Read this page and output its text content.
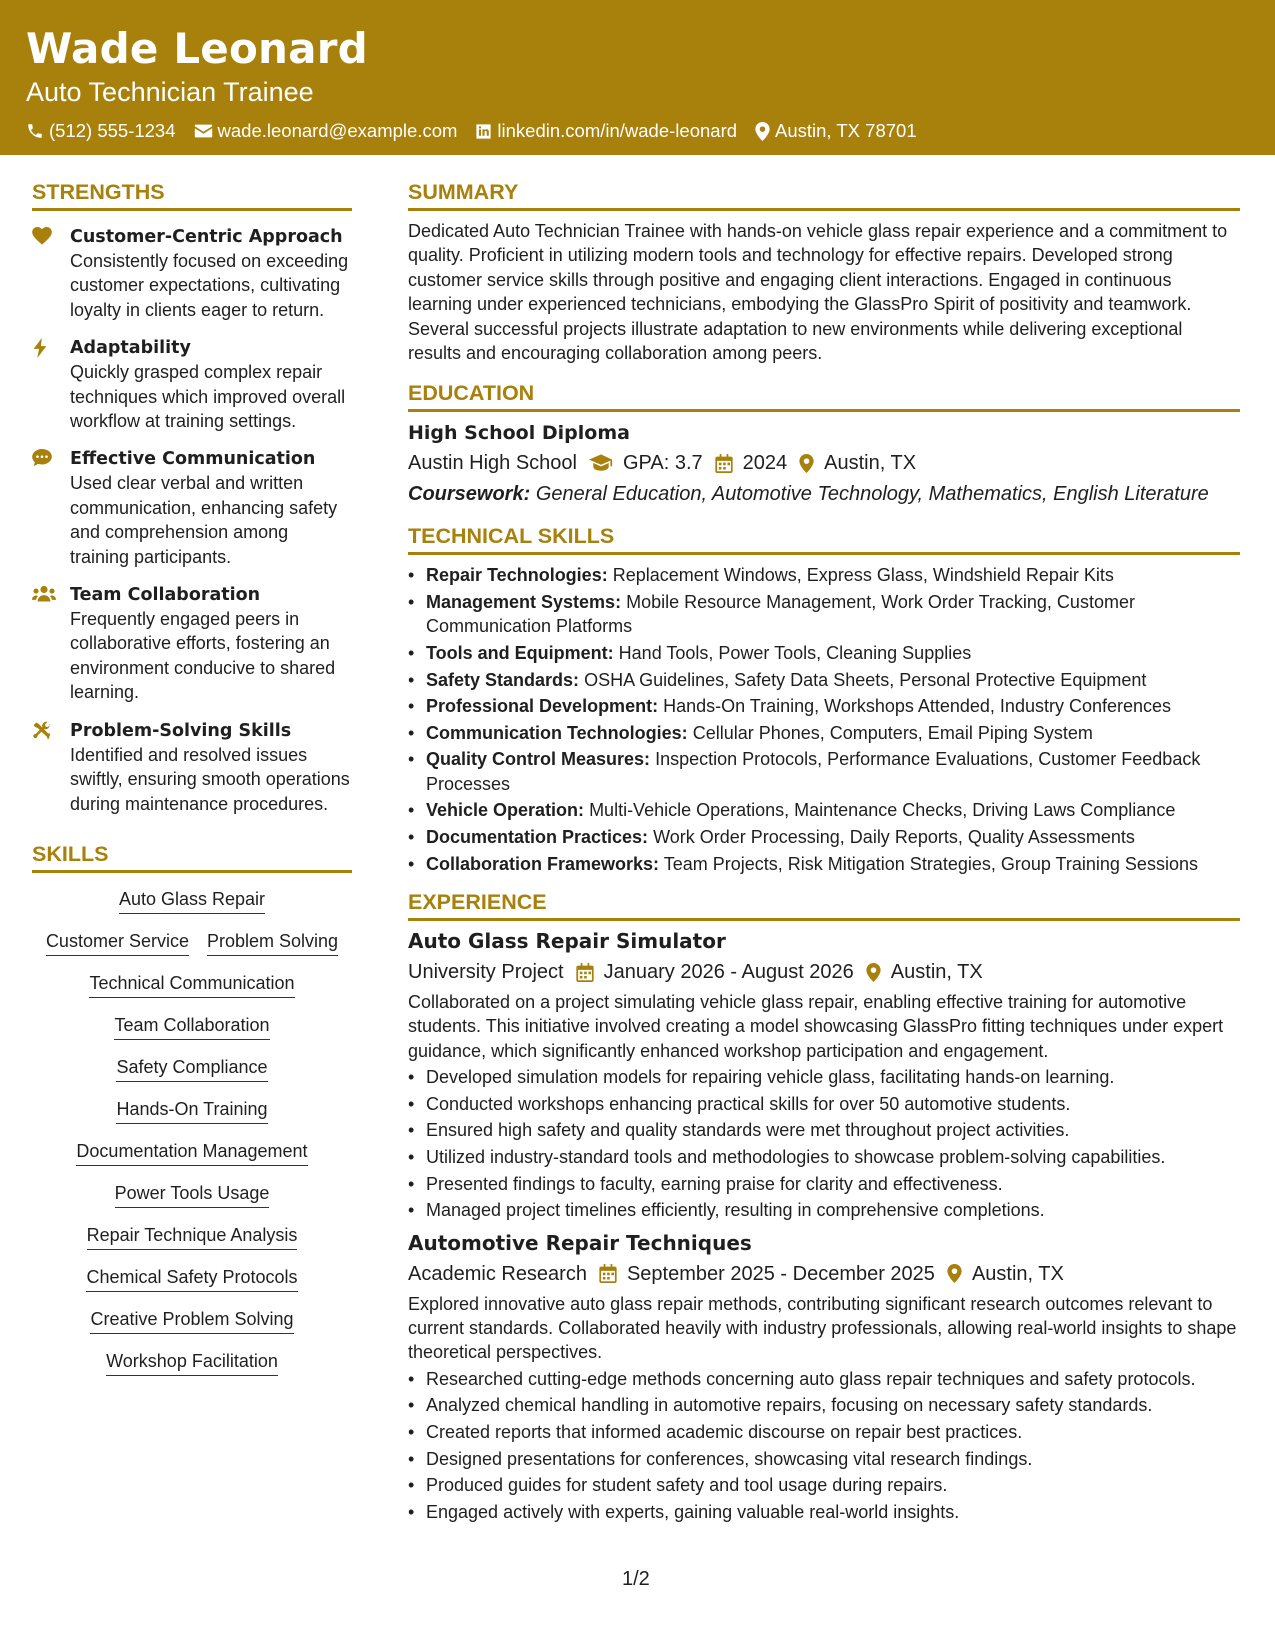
Wade Leonard
Auto Technician Trainee
(512) 555-1234 wade.leonard@example.com linkedin.com/in/wade-leonard Austin, TX 78701
STRENGTHS
Customer-Centric Approach
Consistently focused on exceeding customer expectations, cultivating loyalty in clients eager to return.
Adaptability
Quickly grasped complex repair techniques which improved overall workflow at training settings.
Effective Communication
Used clear verbal and written communication, enhancing safety and comprehension among training participants.
Team Collaboration
Frequently engaged peers in collaborative efforts, fostering an environment conducive to shared learning.
Problem-Solving Skills
Identified and resolved issues swiftly, ensuring smooth operations during maintenance procedures.
SKILLS
Auto Glass Repair
Customer Service Problem Solving
Technical Communication
Team Collaboration
Safety Compliance
Hands-On Training
Documentation Management
Power Tools Usage
Repair Technique Analysis
Chemical Safety Protocols
Creative Problem Solving
Workshop Facilitation
SUMMARY
Dedicated Auto Technician Trainee with hands-on vehicle glass repair experience and a commitment to quality. Proficient in utilizing modern tools and technology for effective repairs. Developed strong customer service skills through positive and engaging client interactions. Engaged in continuous learning under experienced technicians, embodying the GlassPro Spirit of positivity and teamwork. Several successful projects illustrate adaptation to new environments while delivering exceptional results and encouraging collaboration among peers.
EDUCATION
High School Diploma
Austin High School GPA: 3.7 2024 Austin, TX
Coursework: General Education, Automotive Technology, Mathematics, English Literature
TECHNICAL SKILLS
• Repair Technologies: Replacement Windows, Express Glass, Windshield Repair Kits
• Management Systems: Mobile Resource Management, Work Order Tracking, Customer Communication Platforms
• Tools and Equipment: Hand Tools, Power Tools, Cleaning Supplies
• Safety Standards: OSHA Guidelines, Safety Data Sheets, Personal Protective Equipment
• Professional Development: Hands-On Training, Workshops Attended, Industry Conferences
• Communication Technologies: Cellular Phones, Computers, Email Piping System
• Quality Control Measures: Inspection Protocols, Performance Evaluations, Customer Feedback Processes
• Vehicle Operation: Multi-Vehicle Operations, Maintenance Checks, Driving Laws Compliance
• Documentation Practices: Work Order Processing, Daily Reports, Quality Assessments
• Collaboration Frameworks: Team Projects, Risk Mitigation Strategies, Group Training Sessions
EXPERIENCE
Auto Glass Repair Simulator
University Project January 2026 - August 2026 Austin, TX
Collaborated on a project simulating vehicle glass repair, enabling effective training for automotive students. This initiative involved creating a model showcasing GlassPro fitting techniques under expert guidance, which significantly enhanced workshop participation and engagement.
• Developed simulation models for repairing vehicle glass, facilitating hands-on learning.
• Conducted workshops enhancing practical skills for over 50 automotive students.
• Ensured high safety and quality standards were met throughout project activities.
• Utilized industry-standard tools and methodologies to showcase problem-solving capabilities.
• Presented findings to faculty, earning praise for clarity and effectiveness.
• Managed project timelines efficiently, resulting in comprehensive completions.
Automotive Repair Techniques
Academic Research September 2025 - December 2025 Austin, TX
Explored innovative auto glass repair methods, contributing significant research outcomes relevant to current standards. Collaborated heavily with industry professionals, allowing real-world insights to shape theoretical perspectives.
• Researched cutting-edge methods concerning auto glass repair techniques and safety protocols.
• Analyzed chemical handling in automotive repairs, focusing on necessary safety standards.
• Created reports that informed academic discourse on repair best practices.
• Designed presentations for conferences, showcasing vital research findings.
• Produced guides for student safety and tool usage during repairs.
• Engaged actively with experts, gaining valuable real-world insights.
1/2
